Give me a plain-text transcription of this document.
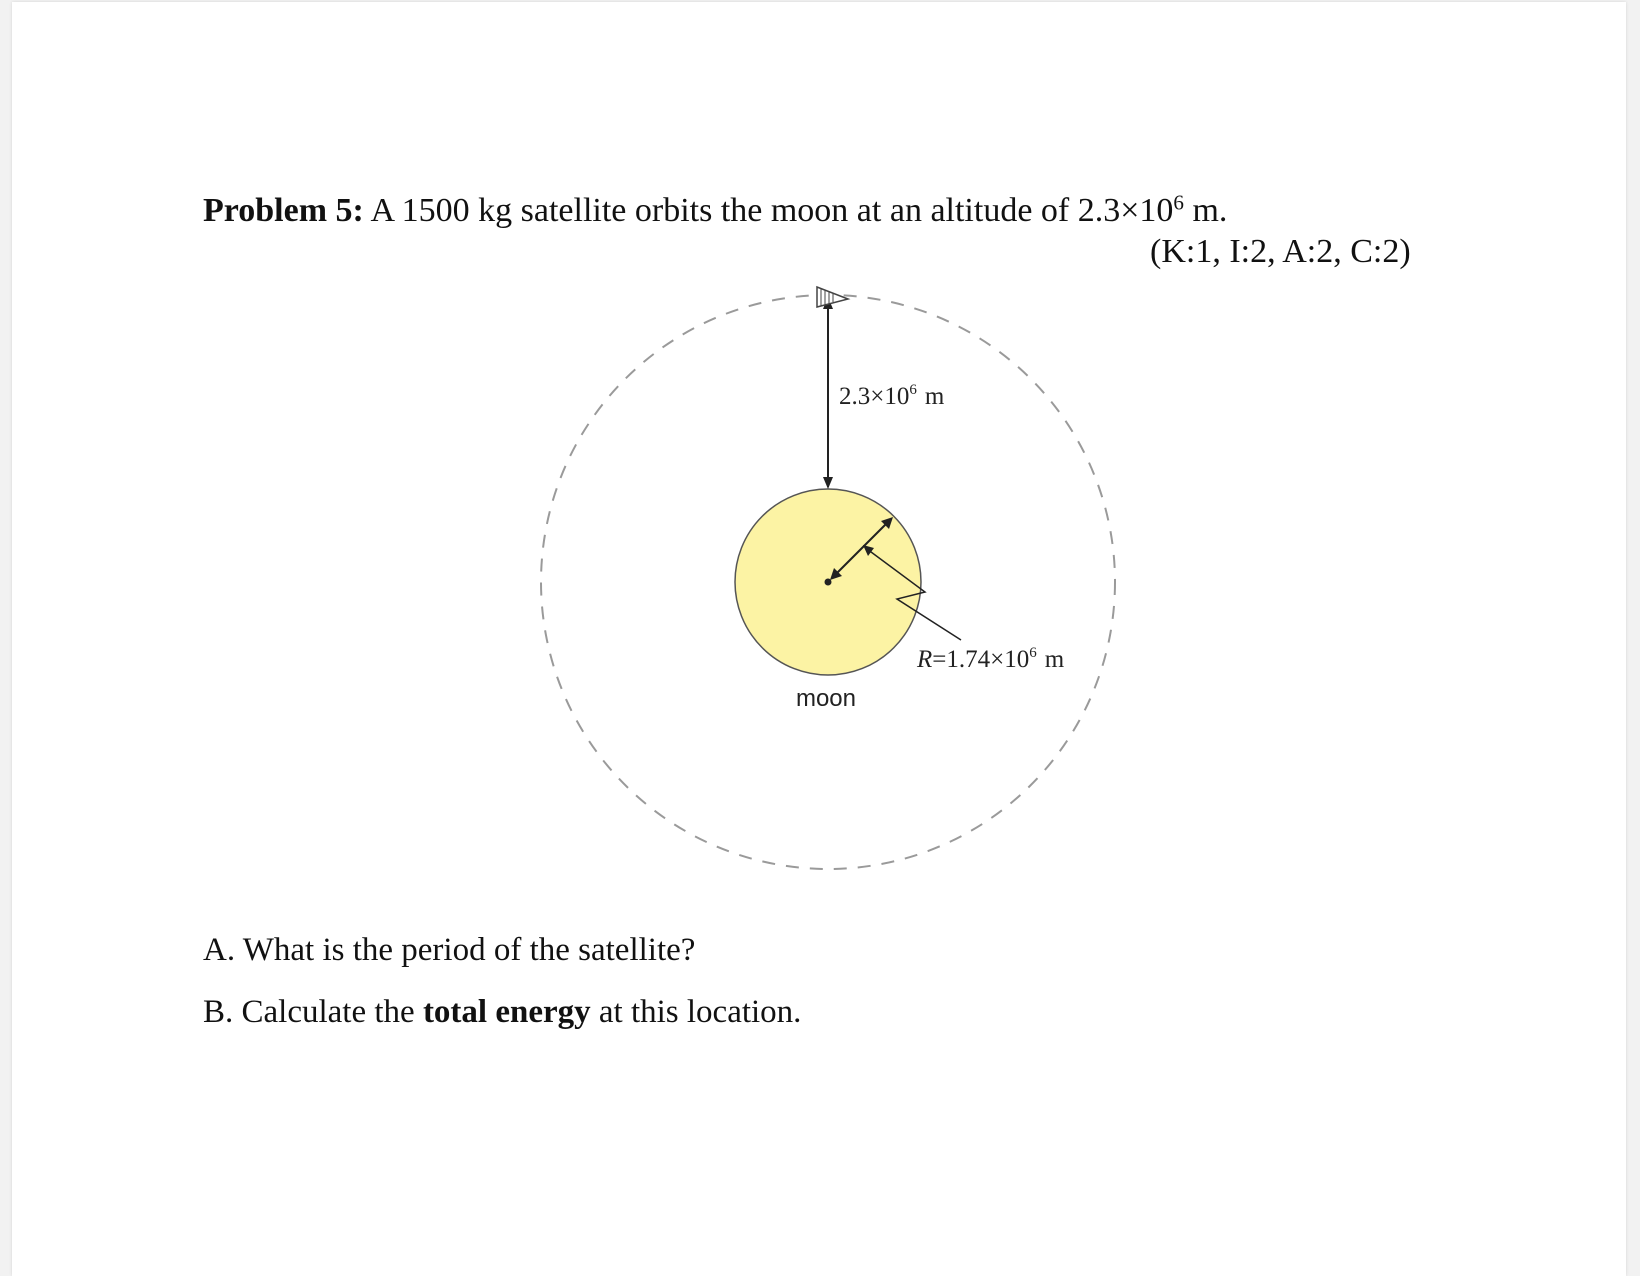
Problem 5: A 1500 kg satellite orbits the moon at an altitude of $2.3\times 10^6$ m.
(K:1, I:2, A:2, C:2)
$2.3\times 10^6$ m
$R=1.74\times 10^6$ m
moon
A. What is the period of the satellite?
B. Calculate the total energy at this location.
